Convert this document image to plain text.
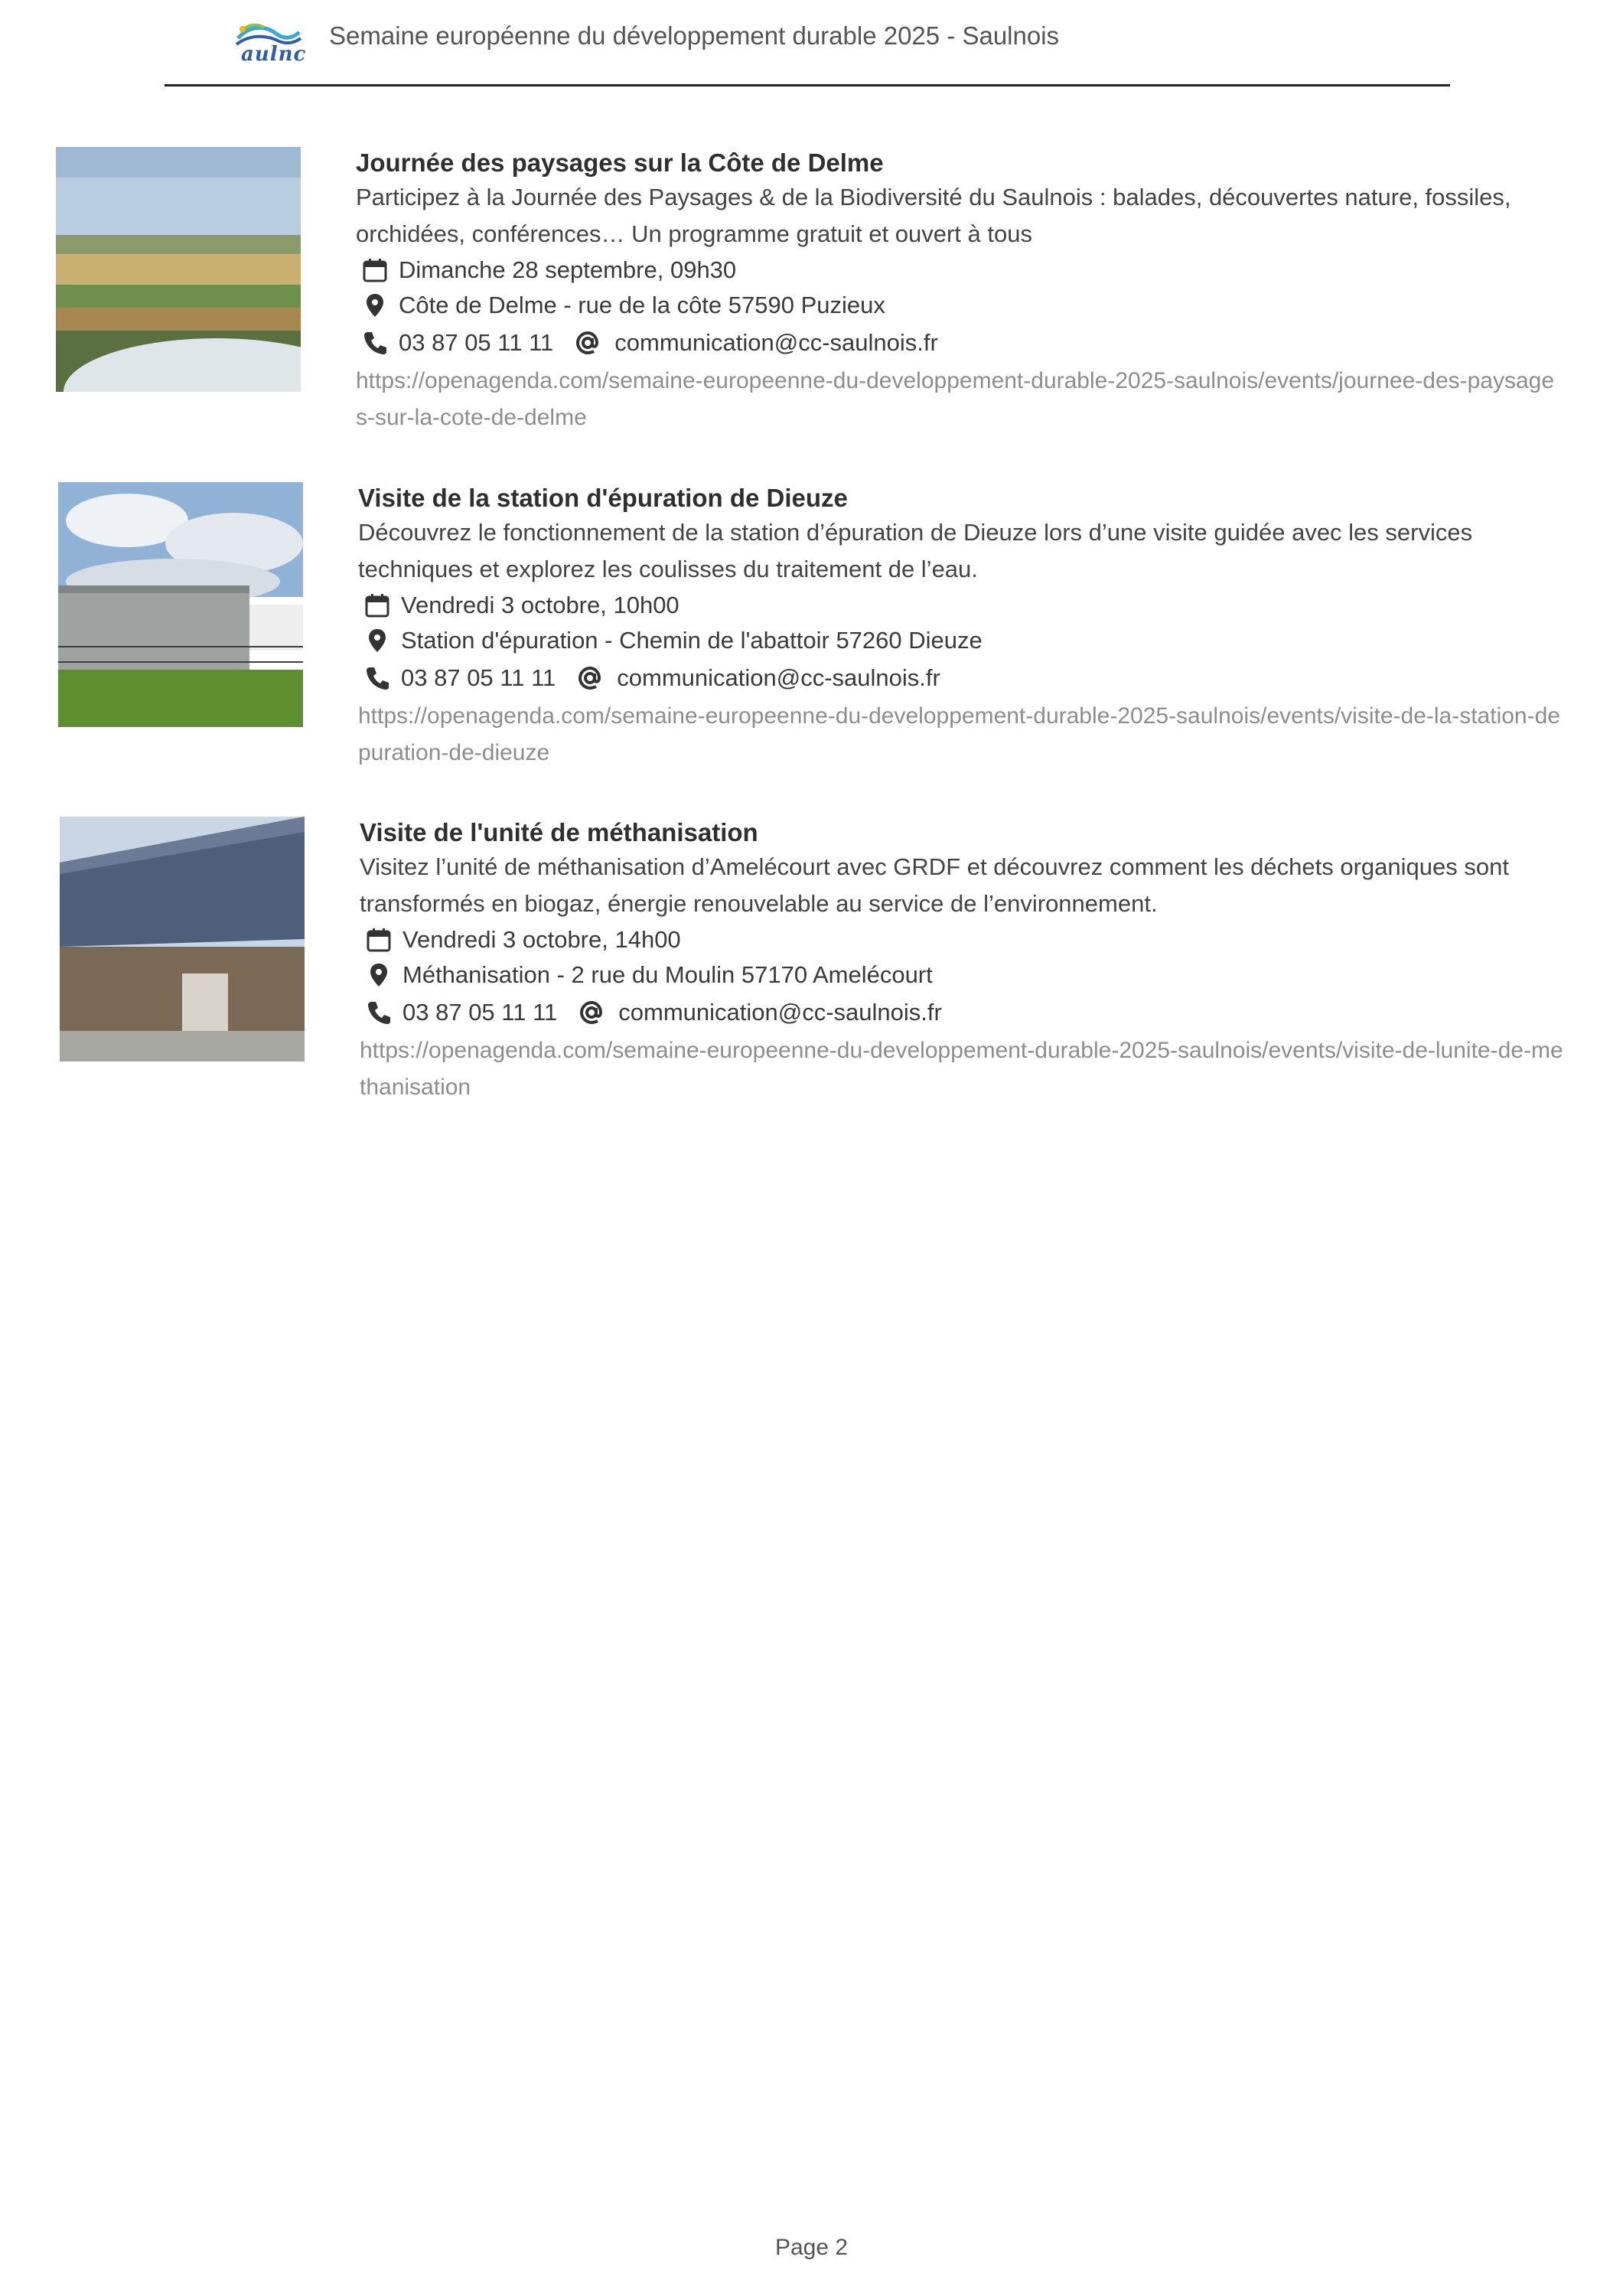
aulnc
Semaine européenne du développement durable 2025 - Saulnois

Journée des paysages sur la Côte de Delme

Participez à la Journée des Paysages & de la Biodiversité du Saulnois : balades, découvertes nature, fossiles, orchidées, conférences… Un programme gratuit et ouvert à tous

Dimanche 28 septembre, 09h30
Côte de Delme - rue de la côte 57590 Puzieux
03 87 05 11 11	communication@cc-saulnois.fr

https://openagenda.com/semaine-europeenne-du-developpement-durable-2025-saulnois/events/journee-des-paysages-sur-la-cote-de-delme

Visite de la station d'épuration de Dieuze

Découvrez le fonctionnement de la station d’épuration de Dieuze lors d’une visite guidée avec les services techniques et explorez les coulisses du traitement de l’eau.

Vendredi 3 octobre, 10h00
Station d'épuration - Chemin de l'abattoir 57260 Dieuze
03 87 05 11 11	communication@cc-saulnois.fr

https://openagenda.com/semaine-europeenne-du-developpement-durable-2025-saulnois/events/visite-de-la-station-depuration-de-dieuze

Visite de l'unité de méthanisation

Visitez l’unité de méthanisation d’Amelécourt avec GRDF et découvrez comment les déchets organiques sont transformés en biogaz, énergie renouvelable au service de l’environnement.

Vendredi 3 octobre, 14h00
Méthanisation - 2 rue du Moulin 57170 Amelécourt
03 87 05 11 11	communication@cc-saulnois.fr

https://openagenda.com/semaine-europeenne-du-developpement-durable-2025-saulnois/events/visite-de-lunite-de-methanisation

Page 2
